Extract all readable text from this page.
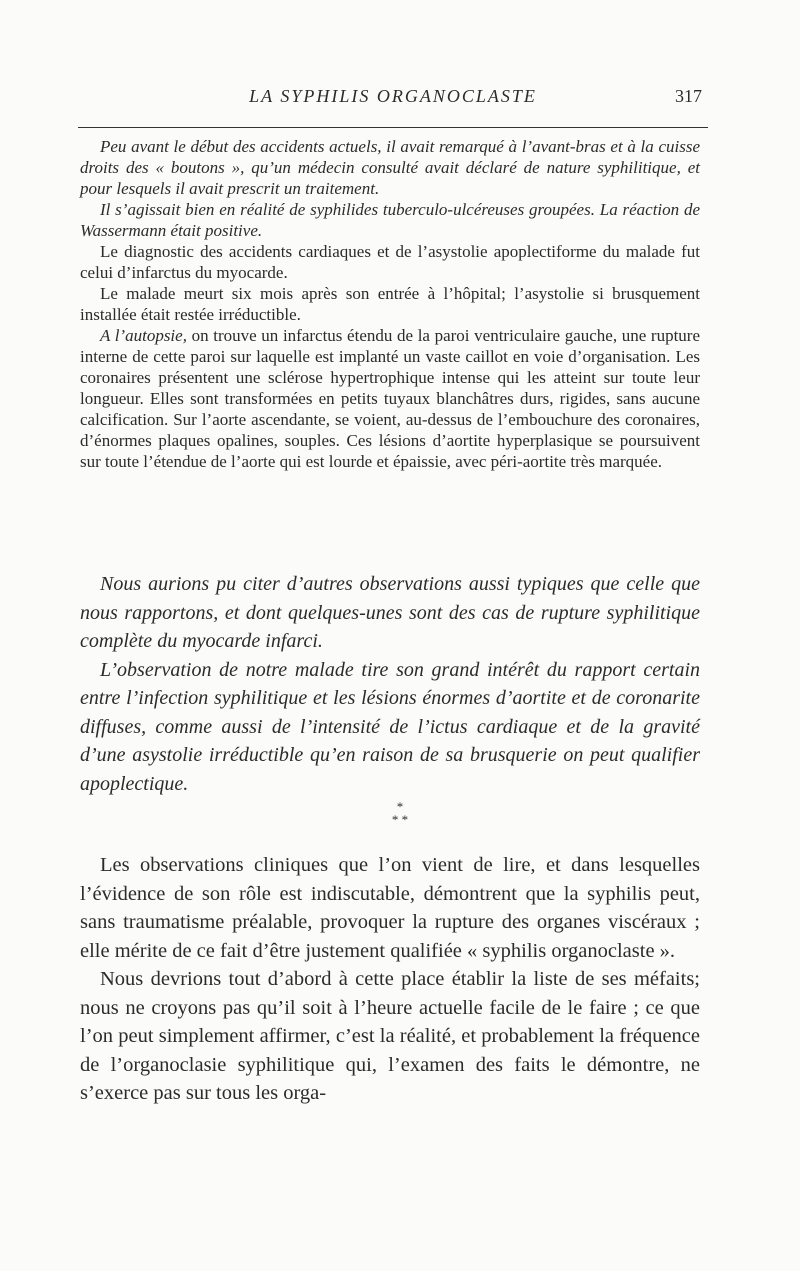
LA SYPHILIS ORGANOCLASTE	317

Peu avant le début des accidents actuels, il avait remarqué à l’avant-bras et à la cuisse droits des « boutons », qu’un médecin consulté avait déclaré de nature syphilitique, et pour lesquels il avait prescrit un traitement.

Il s’agissait bien en réalité de syphilides tuberculo-ulcéreuses groupées. La réaction de Wassermann était positive.

Le diagnostic des accidents cardiaques et de l’asystolie apoplectiforme du malade fut celui d’infarctus du myocarde.

Le malade meurt six mois après son entrée à l’hôpital; l’asystolie si brusquement installée était restée irréductible.

A l’autopsie, on trouve un infarctus étendu de la paroi ventriculaire gauche, une rupture interne de cette paroi sur laquelle est implanté un vaste caillot en voie d’organisation. Les coronaires présentent une sclérose hypertrophique intense qui les atteint sur toute leur longueur. Elles sont transformées en petits tuyaux blanchâtres durs, rigides, sans aucune calcification. Sur l’aorte ascendante, se voient, au-dessus de l’embouchure des coronaires, d’énormes plaques opalines, souples. Ces lésions d’aortite hyperplasique se poursuivent sur toute l’étendue de l’aorte qui est lourde et épaissie, avec péri-aortite très marquée.

Nous aurions pu citer d’autres observations aussi typiques que celle que nous rapportons, et dont quelques-unes sont des cas de rupture syphilitique complète du myocarde infarci.

L’observation de notre malade tire son grand intérêt du rapport certain entre l’infection syphilitique et les lésions énormes d’aortite et de coronarite diffuses, comme aussi de l’intensité de l’ictus cardiaque et de la gravité d’une asystolie irréductible qu’en raison de sa brusquerie on peut qualifier apoplectique.

*
* *

Les observations cliniques que l’on vient de lire, et dans lesquelles l’évidence de son rôle est indiscutable, démontrent que la syphilis peut, sans traumatisme préalable, provoquer la rupture des organes viscéraux ; elle mérite de ce fait d’être justement qualifiée « syphilis organoclaste ».

Nous devrions tout d’abord à cette place établir la liste de ses méfaits; nous ne croyons pas qu’il soit à l’heure actuelle facile de le faire ; ce que l’on peut simplement affirmer, c’est la réalité, et probablement la fréquence de l’organoclasie syphilitique qui, l’examen des faits le démontre, ne s’exerce pas sur tous les orga-
